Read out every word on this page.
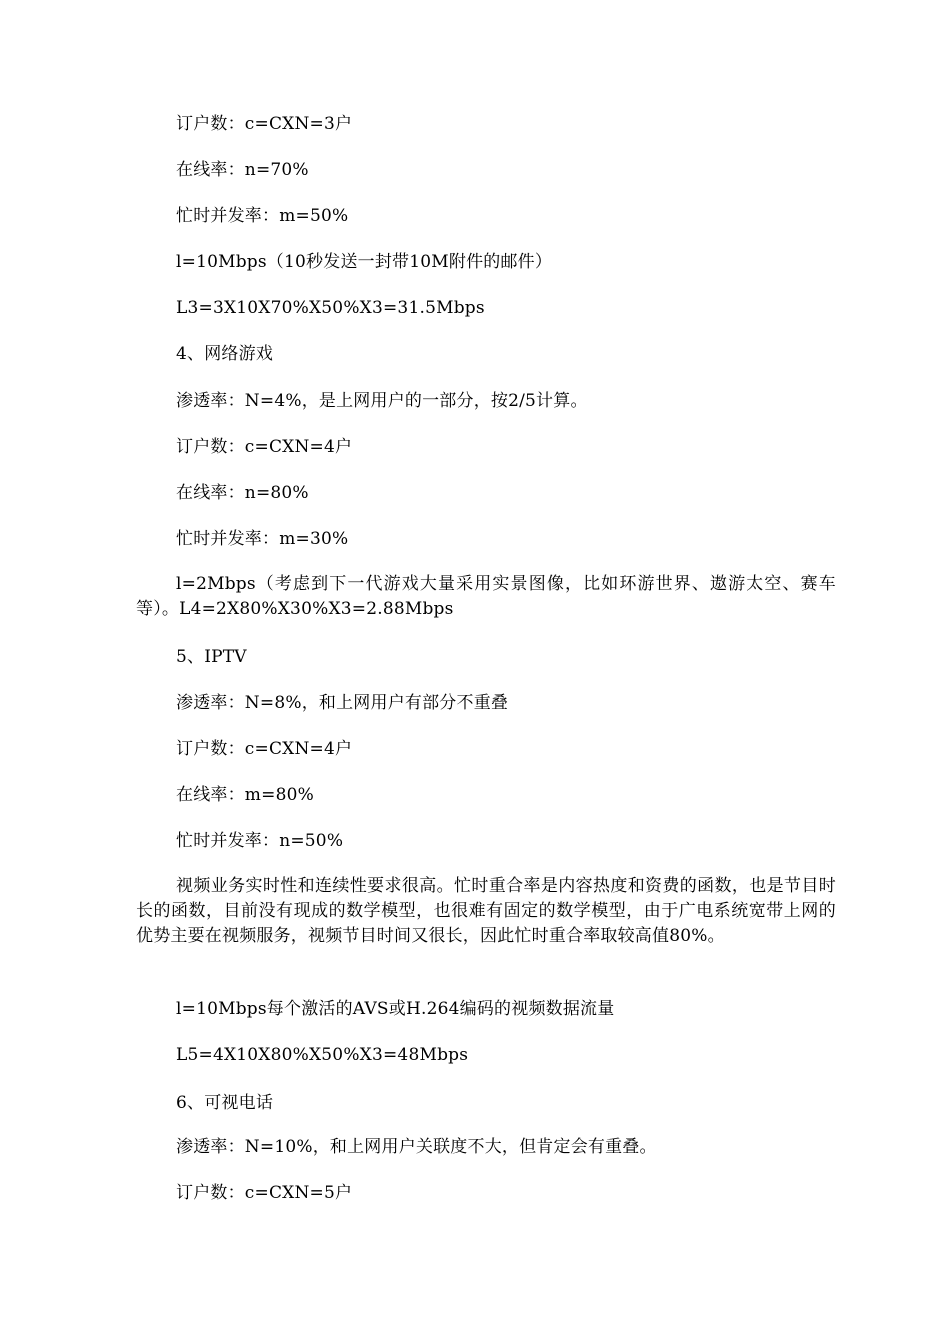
订户数：c=CXN=3户
在线率：n=70%
忙时并发率：m=50%
l=10Mbps（10秒发送一封带10M附件的邮件）
L3=3X10X70%X50%X3=31.5Mbps
4、网络游戏
渗透率：N=4%，是上网用户的一部分，按2/5计算。
订户数：c=CXN=4户
在线率：n=80%
忙时并发率：m=30%
l=2Mbps（考虑到下一代游戏大量采用实景图像，比如环游世界、遨游太空、赛车等）。L4=2X80%X30%X3=2.88Mbps
5、IPTV
渗透率：N=8%，和上网用户有部分不重叠
订户数：c=CXN=4户
在线率：m=80%
忙时并发率：n=50%
视频业务实时性和连续性要求很高。忙时重合率是内容热度和资费的函数，也是节目时长的函数，目前没有现成的数学模型，也很难有固定的数学模型，由于广电系统宽带上网的优势主要在视频服务，视频节目时间又很长，因此忙时重合率取较高值80%。
l=10Mbps每个激活的AVS或H.264编码的视频数据流量
L5=4X10X80%X50%X3=48Mbps
6、可视电话
渗透率：N=10%，和上网用户关联度不大，但肯定会有重叠。
订户数：c=CXN=5户
